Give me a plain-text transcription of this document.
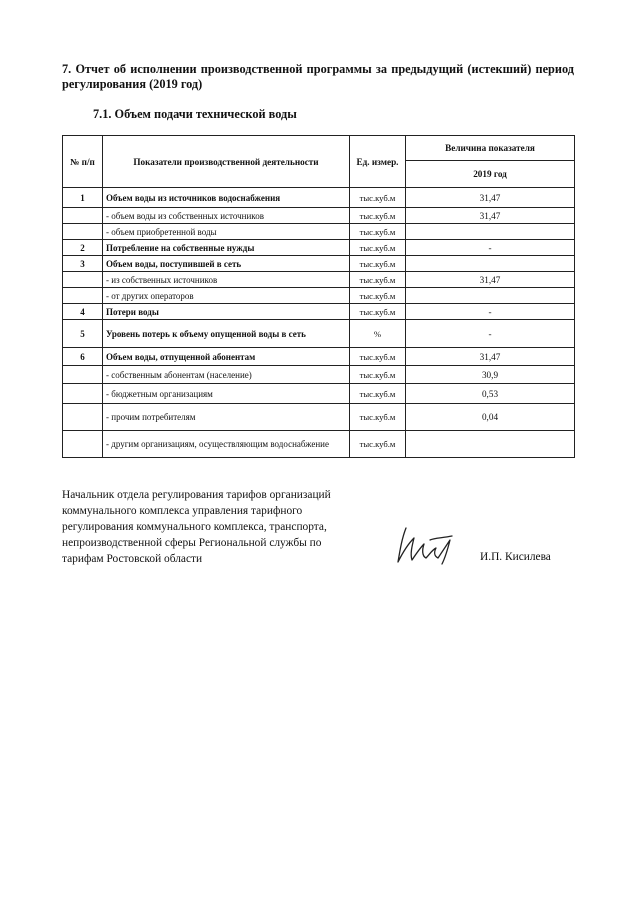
7. Отчет об исполнении производственной программы за предыдущий (истекший) период регулирования (2019 год)
7.1. Объем подачи технической воды
№ п/п	Показатели производственной деятельности	Ед. измер.	Величина показателя
			2019 год
1	Объем воды из источников водоснабжения	тыс.куб.м	31,47
	- объем воды из собственных источников	тыс.куб.м	31,47
	- объем приобретенной воды	тыс.куб.м	
2	Потребление на собственные нужды	тыс.куб.м	-
3	Объем воды, поступившей в сеть	тыс.куб.м	
	- из собственных источников	тыс.куб.м	31,47
	- от других операторов	тыс.куб.м	
4	Потери воды	тыс.куб.м	-
5	Уровень потерь к объему опущенной воды в сеть	%	-
6	Объем воды, отпущенной абонентам	тыс.куб.м	31,47
	- собственным абонентам (население)	тыс.куб.м	30,9
	- бюджетным организациям	тыс.куб.м	0,53
	- прочим потребителям	тыс.куб.м	0,04
	- другим организациям, осуществляющим водоснабжение	тыс.куб.м	
Начальник отдела регулирования тарифов организаций
коммунального комплекса управления тарифного
регулирования коммунального комплекса, транспорта,
непроизводственной сферы Региональной службы по
тарифам Ростовской области	И.П. Кисилева
